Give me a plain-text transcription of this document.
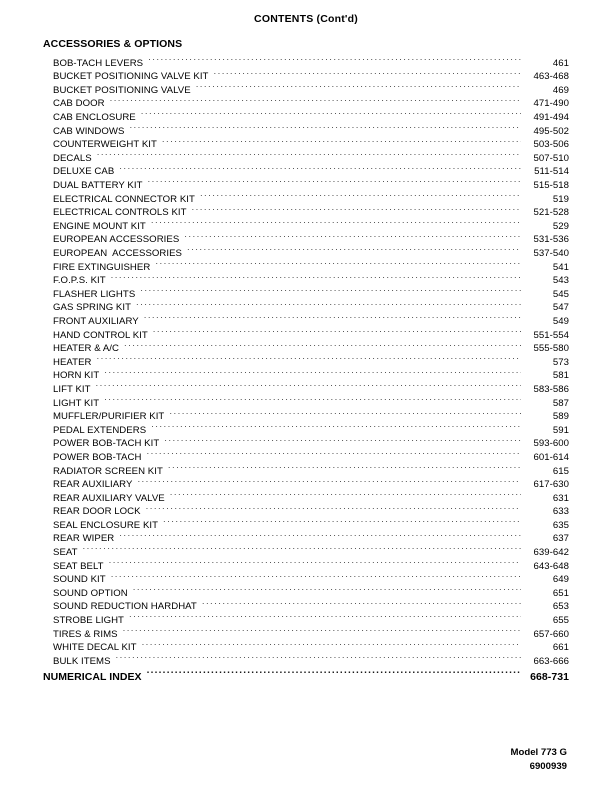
CONTENTS (Cont'd)
ACCESSORIES & OPTIONS
BOB-TACH LEVERS .....	461
BUCKET POSITIONING VALVE KIT .....	463-468
BUCKET POSITIONING VALVE .....	469
CAB DOOR .....	471-490
CAB ENCLOSURE .....	491-494
CAB WINDOWS .....	495-502
COUNTERWEIGHT KIT .....	503-506
DECALS .....	507-510
DELUXE CAB .....	511-514
DUAL BATTERY KIT .....	515-518
ELECTRICAL CONNECTOR KIT .....	519
ELECTRICAL CONTROLS KIT .....	521-528
ENGINE MOUNT KIT .....	529
EUROPEAN ACCESSORIES .....	531-536
EUROPEAN  ACCESSORIES .....	537-540
FIRE EXTINGUISHER .....	541
F.O.P.S. KIT .....	543
FLASHER LIGHTS .....	545
GAS SPRING KIT .....	547
FRONT AUXILIARY .....	549
HAND CONTROL KIT .....	551-554
HEATER & A/C .....	555-580
HEATER .....	573
HORN KIT .....	581
LIFT KIT .....	583-586
LIGHT KIT .....	587
MUFFLER/PURIFIER KIT .....	589
PEDAL EXTENDERS .....	591
POWER BOB-TACH KIT .....	593-600
POWER BOB-TACH .....	601-614
RADIATOR SCREEN KIT .....	615
REAR AUXILIARY .....	617-630
REAR AUXILIARY VALVE .....	631
REAR DOOR LOCK .....	633
SEAL ENCLOSURE KIT .....	635
REAR WIPER .....	637
SEAT .....	639-642
SEAT BELT .....	643-648
SOUND KIT .....	649
SOUND OPTION .....	651
SOUND REDUCTION HARDHAT .....	653
STROBE LIGHT .....	655
TIRES & RIMS .....	657-660
WHITE DECAL KIT .....	661
BULK ITEMS .....	663-666
NUMERICAL INDEX .....	668-731
Model 773 G
6900939
